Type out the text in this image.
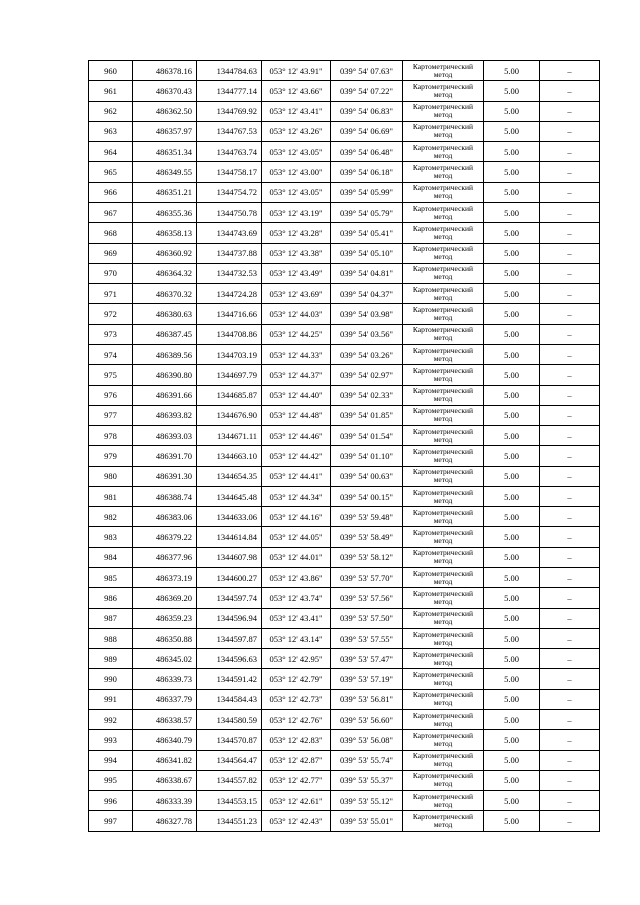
960	486378.16	1344784.63	053° 12' 43.91"	039° 54' 07.63"	Картометрический метод	5.00	–
961	486370.43	1344777.14	053° 12' 43.66"	039° 54' 07.22"	Картометрический метод	5.00	–
962	486362.50	1344769.92	053° 12' 43.41"	039° 54' 06.83"	Картометрический метод	5.00	–
963	486357.97	1344767.53	053° 12' 43.26"	039° 54' 06.69"	Картометрический метод	5.00	–
964	486351.34	1344763.74	053° 12' 43.05"	039° 54' 06.48"	Картометрический метод	5.00	–
965	486349.55	1344758.17	053° 12' 43.00"	039° 54' 06.18"	Картометрический метод	5.00	–
966	486351.21	1344754.72	053° 12' 43.05"	039° 54' 05.99"	Картометрический метод	5.00	–
967	486355.36	1344750.78	053° 12' 43.19"	039° 54' 05.79"	Картометрический метод	5.00	–
968	486358.13	1344743.69	053° 12' 43.28"	039° 54' 05.41"	Картометрический метод	5.00	–
969	486360.92	1344737.88	053° 12' 43.38"	039° 54' 05.10"	Картометрический метод	5.00	–
970	486364.32	1344732.53	053° 12' 43.49"	039° 54' 04.81"	Картометрический метод	5.00	–
971	486370.32	1344724.28	053° 12' 43.69"	039° 54' 04.37"	Картометрический метод	5.00	–
972	486380.63	1344716.66	053° 12' 44.03"	039° 54' 03.98"	Картометрический метод	5.00	–
973	486387.45	1344708.86	053° 12' 44.25"	039° 54' 03.56"	Картометрический метод	5.00	–
974	486389.56	1344703.19	053° 12' 44.33"	039° 54' 03.26"	Картометрический метод	5.00	–
975	486390.80	1344697.79	053° 12' 44.37"	039° 54' 02.97"	Картометрический метод	5.00	–
976	486391.66	1344685.87	053° 12' 44.40"	039° 54' 02.33"	Картометрический метод	5.00	–
977	486393.82	1344676.90	053° 12' 44.48"	039° 54' 01.85"	Картометрический метод	5.00	–
978	486393.03	1344671.11	053° 12' 44.46"	039° 54' 01.54"	Картометрический метод	5.00	–
979	486391.70	1344663.10	053° 12' 44.42"	039° 54' 01.10"	Картометрический метод	5.00	–
980	486391.30	1344654.35	053° 12' 44.41"	039° 54' 00.63"	Картометрический метод	5.00	–
981	486388.74	1344645.48	053° 12' 44.34"	039° 54' 00.15"	Картометрический метод	5.00	–
982	486383.06	1344633.06	053° 12' 44.16"	039° 53' 59.48"	Картометрический метод	5.00	–
983	486379.22	1344614.84	053° 12' 44.05"	039° 53' 58.49"	Картометрический метод	5.00	–
984	486377.96	1344607.98	053° 12' 44.01"	039° 53' 58.12"	Картометрический метод	5.00	–
985	486373.19	1344600.27	053° 12' 43.86"	039° 53' 57.70"	Картометрический метод	5.00	–
986	486369.20	1344597.74	053° 12' 43.74"	039° 53' 57.56"	Картометрический метод	5.00	–
987	486359.23	1344596.94	053° 12' 43.41"	039° 53' 57.50"	Картометрический метод	5.00	–
988	486350.88	1344597.87	053° 12' 43.14"	039° 53' 57.55"	Картометрический метод	5.00	–
989	486345.02	1344596.63	053° 12' 42.95"	039° 53' 57.47"	Картометрический метод	5.00	–
990	486339.73	1344591.42	053° 12' 42.79"	039° 53' 57.19"	Картометрический метод	5.00	–
991	486337.79	1344584.43	053° 12' 42.73"	039° 53' 56.81"	Картометрический метод	5.00	–
992	486338.57	1344580.59	053° 12' 42.76"	039° 53' 56.60"	Картометрический метод	5.00	–
993	486340.79	1344570.87	053° 12' 42.83"	039° 53' 56.08"	Картометрический метод	5.00	–
994	486341.82	1344564.47	053° 12' 42.87"	039° 53' 55.74"	Картометрический метод	5.00	–
995	486338.67	1344557.82	053° 12' 42.77"	039° 53' 55.37"	Картометрический метод	5.00	–
996	486333.39	1344553.15	053° 12' 42.61"	039° 53' 55.12"	Картометрический метод	5.00	–
997	486327.78	1344551.23	053° 12' 42.43"	039° 53' 55.01"	Картометрический метод	5.00	–
